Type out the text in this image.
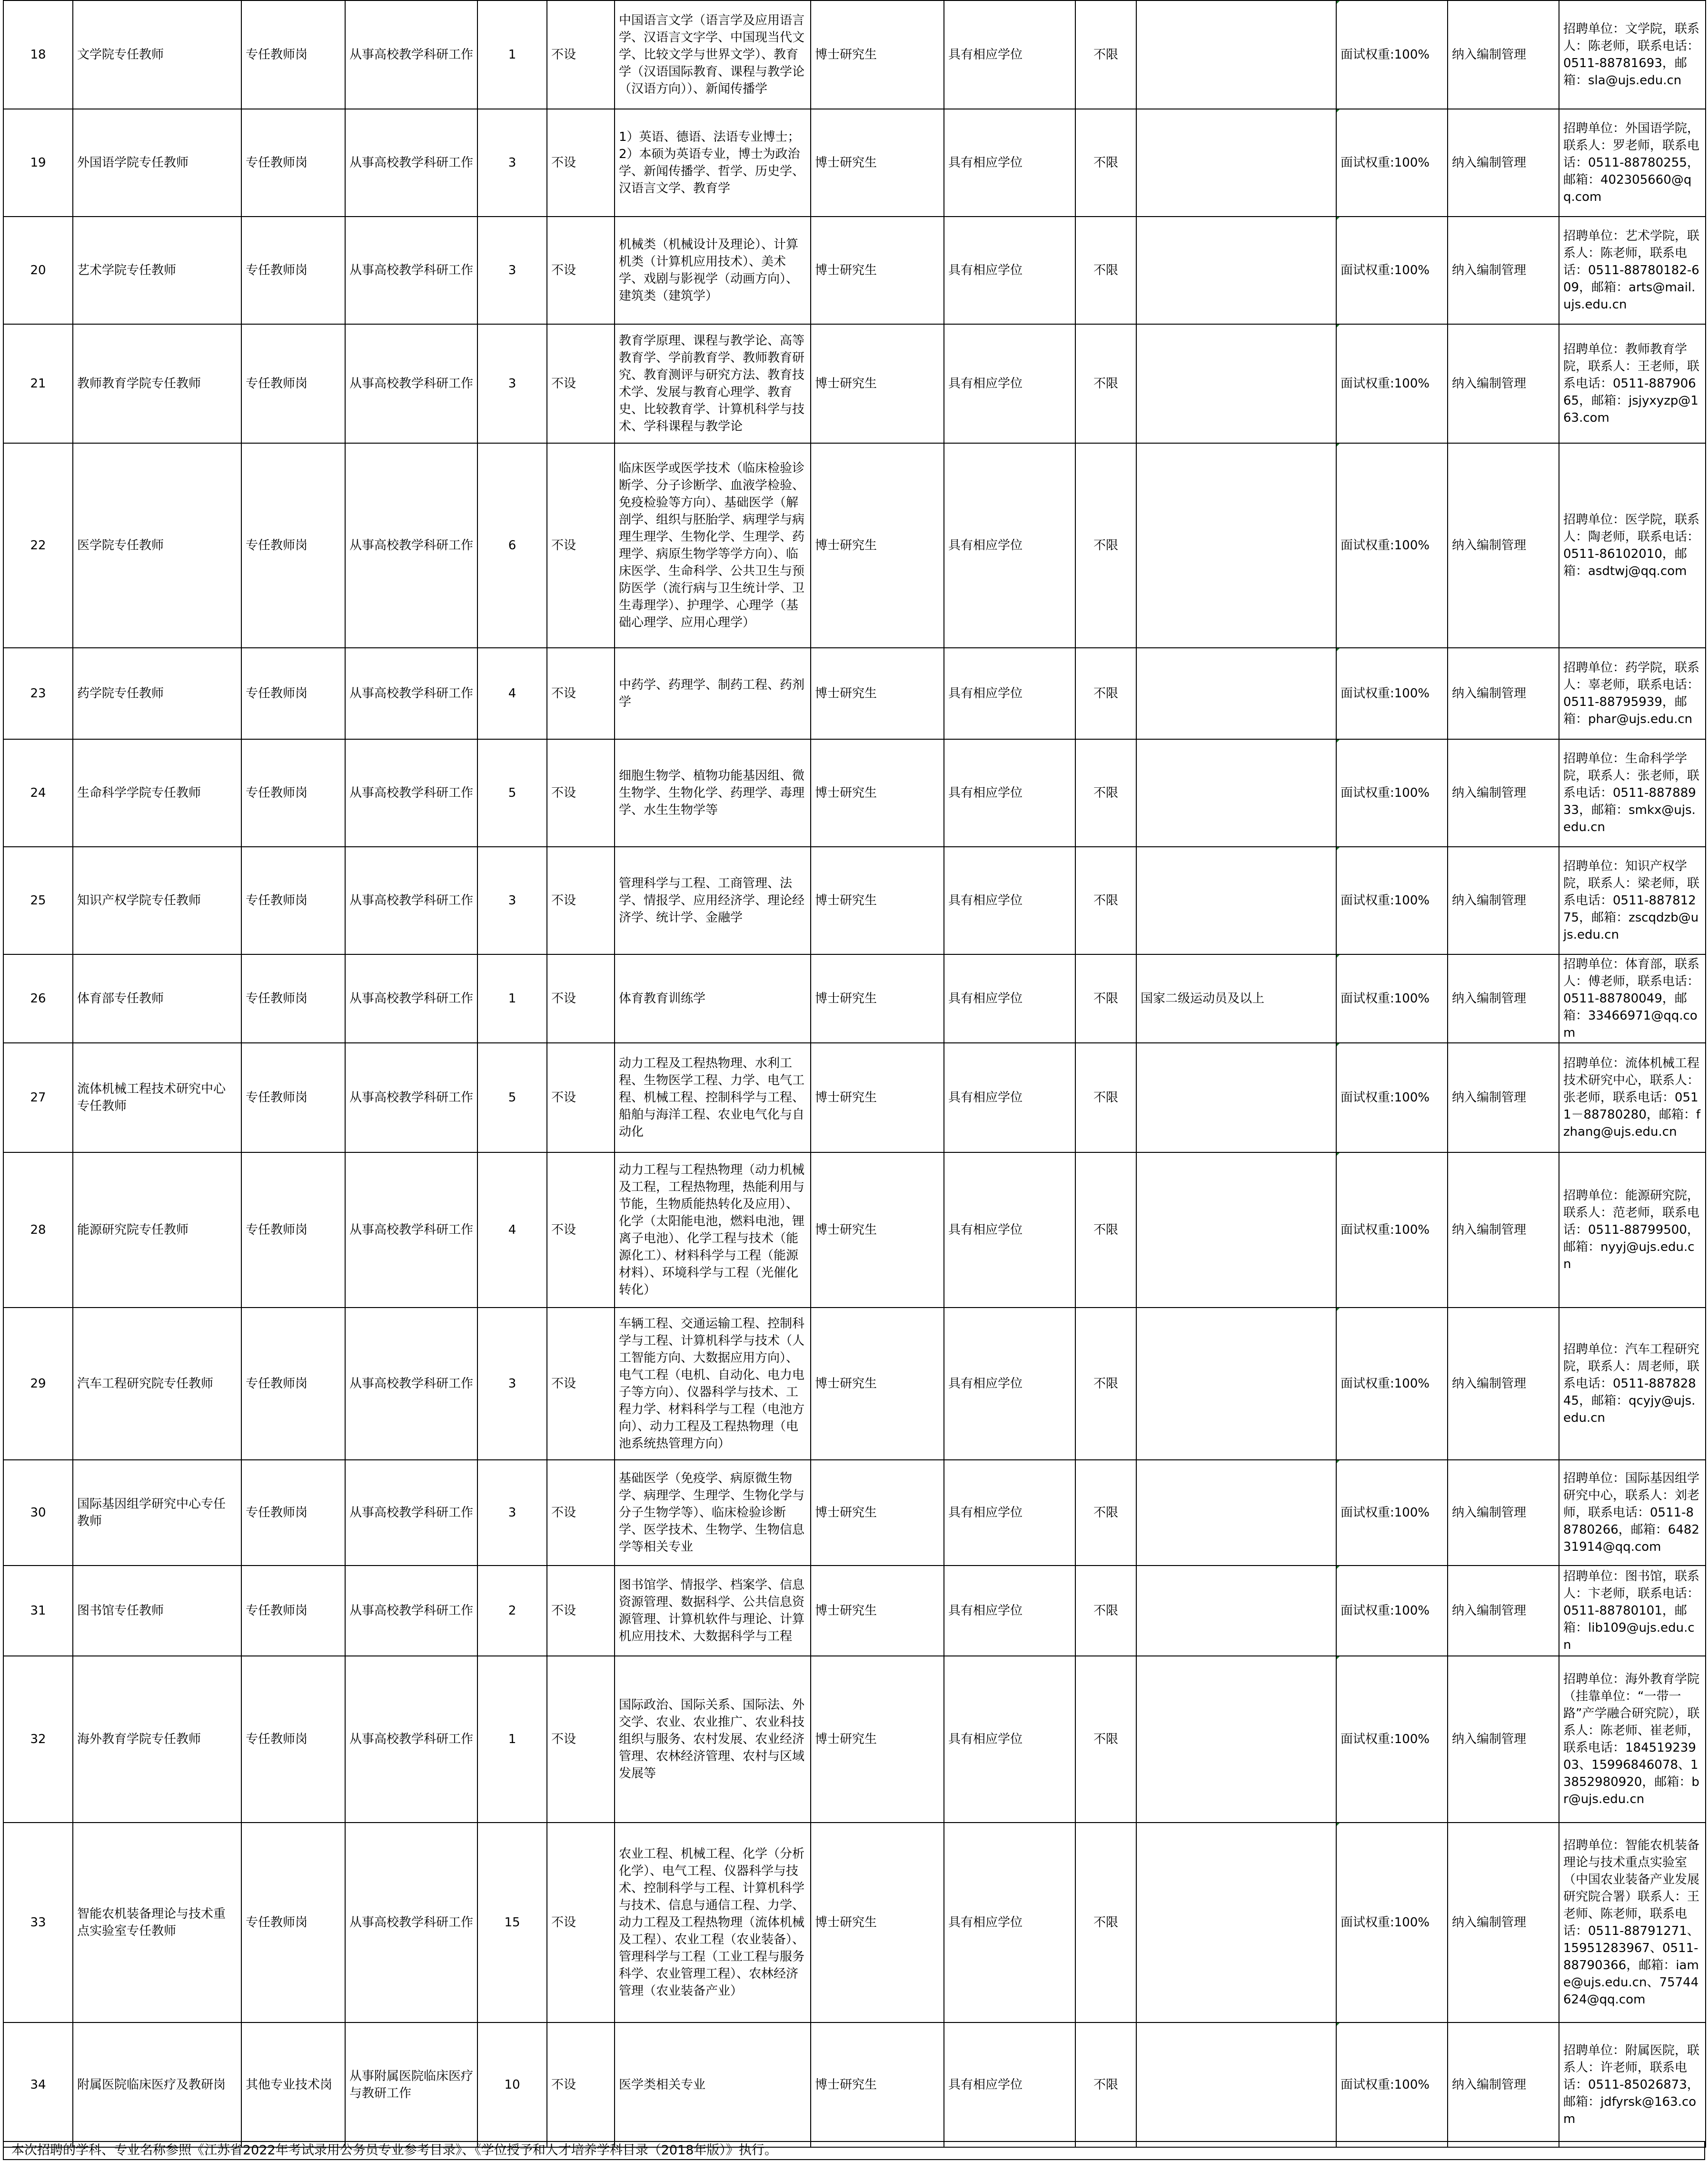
18	文学院专任教师	专任教师岗	从事高校教学科研工作	1	不设	中国语言文学（语言学及应用语言学、汉语言文字学、中国现当代文学、比较文学与世界文学）、教育学（汉语国际教育、课程与教学论（汉语方向））、新闻传播学	博士研究生	具有相应学位	不限		面试权重:100%	纳入编制管理	招聘单位：文学院，联系人：陈老师，联系电话：0511-88781693，邮箱：sla@ujs.edu.cn
19	外国语学院专任教师	专任教师岗	从事高校教学科研工作	3	不设	1）英语、德语、法语专业博士；2）本硕为英语专业，博士为政治学、新闻传播学、哲学、历史学、汉语言文学、教育学	博士研究生	具有相应学位	不限		面试权重:100%	纳入编制管理	招聘单位：外国语学院，联系人：罗老师，联系电话：0511-88780255，邮箱：402305660@qq.com
20	艺术学院专任教师	专任教师岗	从事高校教学科研工作	3	不设	机械类（机械设计及理论）、计算机类（计算机应用技术）、美术学、戏剧与影视学（动画方向）、建筑类（建筑学）	博士研究生	具有相应学位	不限		面试权重:100%	纳入编制管理	招聘单位：艺术学院，联系人：陈老师，联系电话：0511-88780182-609，邮箱：arts@mail.ujs.edu.cn
21	教师教育学院专任教师	专任教师岗	从事高校教学科研工作	3	不设	教育学原理、课程与教学论、高等教育学、学前教育学、教师教育研究、教育测评与研究方法、教育技术学、发展与教育心理学、教育史、比较教育学、计算机科学与技术、学科课程与教学论	博士研究生	具有相应学位	不限		面试权重:100%	纳入编制管理	招聘单位：教师教育学院，联系人：王老师，联系电话：0511-88790665，邮箱：jsjyxyzp@163.com
22	医学院专任教师	专任教师岗	从事高校教学科研工作	6	不设	临床医学或医学技术（临床检验诊断学、分子诊断学、血液学检验、免疫检验等方向）、基础医学（解剖学、组织与胚胎学、病理学与病理生理学、生物化学、生理学、药理学、病原生物学等学方向）、临床医学、生命科学、公共卫生与预防医学（流行病与卫生统计学、卫生毒理学）、护理学、心理学（基础心理学、应用心理学）	博士研究生	具有相应学位	不限		面试权重:100%	纳入编制管理	招聘单位：医学院，联系人：陶老师，联系电话：0511-86102010，邮箱：asdtwj@qq.com
23	药学院专任教师	专任教师岗	从事高校教学科研工作	4	不设	中药学、药理学、制药工程、药剂学	博士研究生	具有相应学位	不限		面试权重:100%	纳入编制管理	招聘单位：药学院，联系人：辜老师，联系电话：0511-88795939，邮箱：phar@ujs.edu.cn
24	生命科学学院专任教师	专任教师岗	从事高校教学科研工作	5	不设	细胞生物学、植物功能基因组、微生物学、生物化学、药理学、毒理学、水生生物学等	博士研究生	具有相应学位	不限		面试权重:100%	纳入编制管理	招聘单位：生命科学学院，联系人：张老师，联系电话：0511-88788933，邮箱：smkx@ujs.edu.cn
25	知识产权学院专任教师	专任教师岗	从事高校教学科研工作	3	不设	管理科学与工程、工商管理、法学、情报学、应用经济学、理论经济学、统计学、金融学	博士研究生	具有相应学位	不限		面试权重:100%	纳入编制管理	招聘单位：知识产权学院，联系人：梁老师，联系电话：0511-88781275，邮箱：zscqdzb@ujs.edu.cn
26	体育部专任教师	专任教师岗	从事高校教学科研工作	1	不设	体育教育训练学	博士研究生	具有相应学位	不限	国家二级运动员及以上	面试权重:100%	纳入编制管理	招聘单位：体育部，联系人：傅老师，联系电话：0511-88780049，邮箱：33466971@qq.com
27	流体机械工程技术研究中心专任教师	专任教师岗	从事高校教学科研工作	5	不设	动力工程及工程热物理、水利工程、生物医学工程、力学、电气工程、机械工程、控制科学与工程、船舶与海洋工程、农业电气化与自动化	博士研究生	具有相应学位	不限		面试权重:100%	纳入编制管理	招聘单位：流体机械工程技术研究中心，联系人：张老师，联系电话：0511－88780280，邮箱：fzhang@ujs.edu.cn
28	能源研究院专任教师	专任教师岗	从事高校教学科研工作	4	不设	动力工程与工程热物理（动力机械及工程，工程热物理，热能利用与节能，生物质能热转化及应用）、化学（太阳能电池，燃料电池，锂离子电池）、化学工程与技术（能源化工）、材料科学与工程（能源材料）、环境科学与工程（光催化转化）	博士研究生	具有相应学位	不限		面试权重:100%	纳入编制管理	招聘单位：能源研究院，联系人：范老师，联系电话：0511-88799500，邮箱：nyyj@ujs.edu.cn
29	汽车工程研究院专任教师	专任教师岗	从事高校教学科研工作	3	不设	车辆工程、交通运输工程、控制科学与工程、计算机科学与技术（人工智能方向、大数据应用方向）、电气工程（电机、自动化、电力电子等方向）、仪器科学与技术、工程力学、材料科学与工程（电池方向）、动力工程及工程热物理（电池系统热管理方向）	博士研究生	具有相应学位	不限		面试权重:100%	纳入编制管理	招聘单位：汽车工程研究院，联系人：周老师，联系电话：0511-88782845，邮箱：qcyjy@ujs.edu.cn
30	国际基因组学研究中心专任教师	专任教师岗	从事高校教学科研工作	3	不设	基础医学（免疫学、病原微生物学、病理学、生理学、生物化学与分子生物学等）、临床检验诊断学、医学技术、生物学、生物信息学等相关专业	博士研究生	具有相应学位	不限		面试权重:100%	纳入编制管理	招聘单位：国际基因组学研究中心，联系人：刘老师，联系电话：0511-88780266，邮箱：648231914@qq.com
31	图书馆专任教师	专任教师岗	从事高校教学科研工作	2	不设	图书馆学、情报学、档案学、信息资源管理、数据科学、公共信息资源管理、计算机软件与理论、计算机应用技术、大数据科学与工程	博士研究生	具有相应学位	不限		面试权重:100%	纳入编制管理	招聘单位：图书馆，联系人：卞老师，联系电话：0511-88780101，邮箱：lib109@ujs.edu.cn
32	海外教育学院专任教师	专任教师岗	从事高校教学科研工作	1	不设	国际政治、国际关系、国际法、外交学、农业、农业推广、农业科技组织与服务、农村发展、农业经济管理、农林经济管理、农村与区域发展等	博士研究生	具有相应学位	不限		面试权重:100%	纳入编制管理	招聘单位：海外教育学院（挂靠单位：“一带一路”产学融合研究院），联系人：陈老师、崔老师，联系电话：18451923903、15996846078、13852980920，邮箱：br@ujs.edu.cn
33	智能农机装备理论与技术重点实验室专任教师	专任教师岗	从事高校教学科研工作	15	不设	农业工程、机械工程、化学（分析化学）、电气工程、仪器科学与技术、控制科学与工程、计算机科学与技术、信息与通信工程、力学、动力工程及工程热物理（流体机械及工程）、农业工程（农业装备）、管理科学与工程（工业工程与服务科学、农业管理工程）、农林经济管理（农业装备产业）	博士研究生	具有相应学位	不限		面试权重:100%	纳入编制管理	招聘单位：智能农机装备理论与技术重点实验室（中国农业装备产业发展研究院合署）联系人：王老师、陈老师，联系电话：0511-88791271、15951283967、0511-88790366，邮箱：iame@ujs.edu.cn、75744624@qq.com
34	附属医院临床医疗及教研岗	其他专业技术岗	从事附属医院临床医疗与教研工作	10	不设	医学类相关专业	博士研究生	具有相应学位	不限		面试权重:100%	纳入编制管理	招聘单位：附属医院，联系人：许老师，联系电话：0511-85026873，邮箱：jdfyrsk@163.com
本次招聘的学科、专业名称参照《江苏省2022年考试录用公务员专业参考目录》、《学位授予和人才培养学科目录（2018年版）》执行。
